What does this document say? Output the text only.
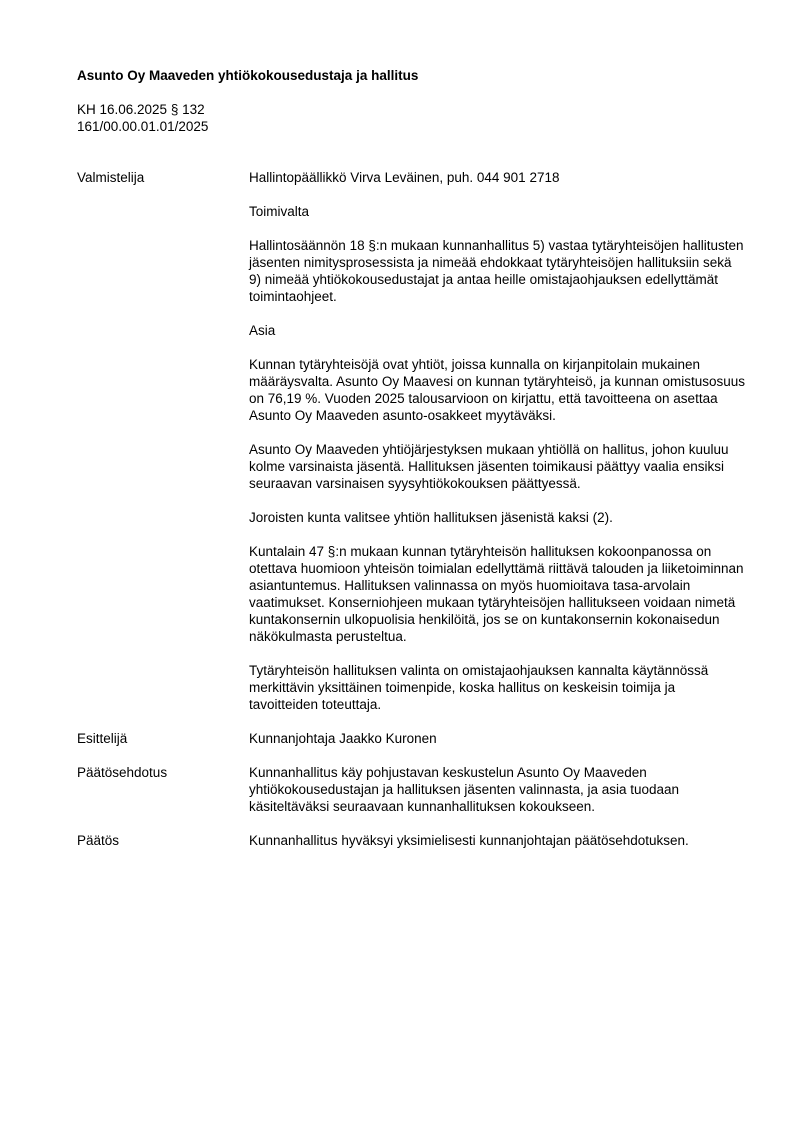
Asunto Oy Maaveden yhtiökokousedustaja ja hallitus
KH 16.06.2025 § 132
161/00.00.01.01/2025
Valmistelija	Hallintopäällikkö Virva Leväinen, puh. 044 901 2718

Toimivalta

Hallintosäännön 18 §:n mukaan kunnanhallitus 5) vastaa tytäryhteisöjen hallitusten jäsenten nimitysprosessista ja nimeää ehdokkaat tytäryhteisöjen hallituksiin sekä 9) nimeää yhtiökokousedustajat ja antaa heille omistajaohjauksen edellyttämät toimintaohjeet.

Asia

Kunnan tytäryhteisöjä ovat yhtiöt, joissa kunnalla on kirjanpitolain mukainen määräysvalta. Asunto Oy Maavesi on kunnan tytäryhteisö, ja kunnan omistusosuus on 76,19 %. Vuoden 2025 talousarvioon on kirjattu, että tavoitteena on asettaa Asunto Oy Maaveden asunto-osakkeet myytäväksi.

Asunto Oy Maaveden yhtiöjärjestyksen mukaan yhtiöllä on hallitus, johon kuuluu kolme varsinaista jäsentä. Hallituksen jäsenten toimikausi päättyy vaalia ensiksi seuraavan varsinaisen syysyhtiökokouksen päättyessä.

Joroisten kunta valitsee yhtiön hallituksen jäsenistä kaksi (2).

Kuntalain 47 §:n mukaan kunnan tytäryhteisön hallituksen kokoonpanossa on otettava huomioon yhteisön toimialan edellyttämä riittävä talouden ja liiketoiminnan asiantuntemus. Hallituksen valinnassa on myös huomioitava tasa-arvolain vaatimukset. Konserniohjeen mukaan tytäryhteisöjen hallitukseen voidaan nimetä kuntakonsernin ulkopuolisia henkilöitä, jos se on kuntakonsernin kokonaisedun näkökulmasta perusteltua.

Tytäryhteisön hallituksen valinta on omistajaohjauksen kannalta käytännössä merkittävin yksittäinen toimenpide, koska hallitus on keskeisin toimija ja tavoitteiden toteuttaja.

Esittelijä	Kunnanjohtaja Jaakko Kuronen
Päätösehdotus	Kunnanhallitus käy pohjustavan keskustelun Asunto Oy Maaveden yhtiökokousedustajan ja hallituksen jäsenten valinnasta, ja asia tuodaan käsiteltäväksi seuraavaan kunnanhallituksen kokoukseen.
Päätös	Kunnanhallitus hyväksyi yksimielisesti kunnanjohtajan päätösehdotuksen.
